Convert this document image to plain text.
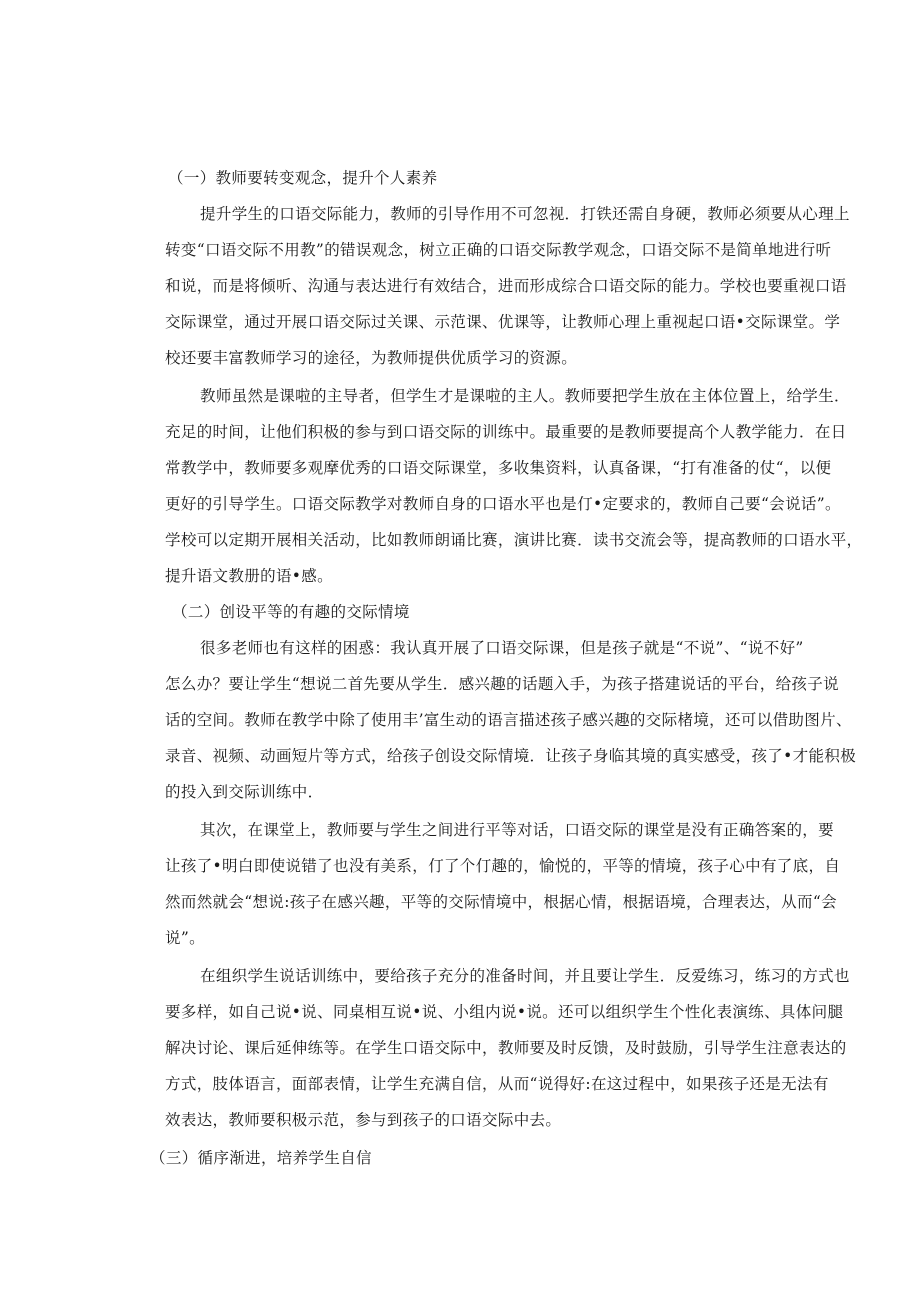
（一）教师要转变观念，提升个人素养
提升学生的口语交际能力，教师的引导作用不可忽视．打铁还需自身硬，教师必须要从心理上
转变“口语交际不用教”的错误观念，树立正确的口语交际教学观念，口语交际不是简单地进行听
和说，而是将倾听、沟通与表达进行有效结合，进而形成综合口语交际的能力。学校也要重视口语
交际课堂，通过开展口语交际过关课、示范课、优课等，让教师心理上重视起口语•交际课堂。学
校还要丰富教师学习的途径，为教师提供优质学习的资源。
教师虽然是课啦的主导者，但学生才是课啦的主人。教师要把学生放在主体位置上，给学生．
充足的时间，让他们积极的参与到口语交际的训练中。最重要的是教师要提高个人教学能力．在日
常教学中，教师要多观摩优秀的口语交际课堂，多收集资料，认真备课，“打有准备的仗“，以便
更好的引导学生。口语交际教学对教师自身的口语水平也是仃•定要求的，教师自己要“会说话”。
学校可以定期开展相关活动，比如教师朗诵比赛，演讲比赛．读书交流会等，提高教师的口语水平，
提升语文教册的语•感。
（二）创设平等的有趣的交际情境
很多老师也有这样的困惑：我认真开展了口语交际课，但是孩子就是“不说”、“说不好”
怎么办？要让学生“想说二首先要从学生．感兴趣的话题入手，为孩子搭建说话的平台，给孩子说
话的空间。教师在教学中除了使用丰’富生动的语言描述孩子感兴趣的交际楮境，还可以借助图片、
录音、视频、动画短片等方式，给孩子创设交际情境．让孩子身临其境的真实感受，孩了•才能积极
的投入到交际训练中．
其次，在课堂上，教师要与学生之间进行平等对话，口语交际的课堂是没有正确答案的，要
让孩了•明白即使说错了也没有美系，仃了个仃趣的，愉悦的，平等的情境，孩子心中有了底，自
然而然就会“想说:孩子在感兴趣，平等的交际情境中，根据心情，根据语境，合理表达，从而“会
说”。
在组织学生说话训练中，要给孩子充分的准备时间，并且要让学生．反爱练习，练习的方式也
要多样，如自己说•说、同桌相互说•说、小组内说•说。还可以组织学生个性化表演练、具体问腿
解决讨论、课后延伸练等。在学生口语交际中，教师要及时反馈，及时鼓励，引导学生注意表达的
方式，肢体语言，面部表情，让学生充满自信，从而“说得好:在这过程中，如果孩子还是无法有
效表达，教师要积极示范，参与到孩子的口语交际中去。
（三）循序渐进，培养学生自信
